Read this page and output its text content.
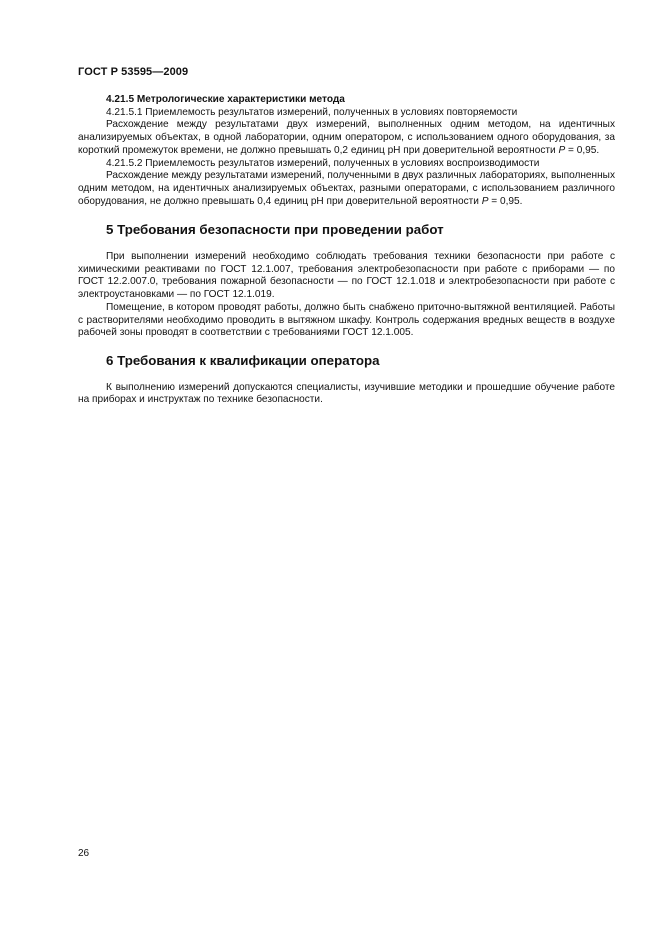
ГОСТ Р 53595—2009

4.21.5 Метрологические характеристики метода

4.21.5.1 Приемлемость результатов измерений, полученных в условиях повторяемости

Расхождение между результатами двух измерений, выполненных одним методом, на идентичных анализируемых объектах, в одной лаборатории, одним оператором, с использованием одного оборудования, за короткий промежуток времени, не должно превышать 0,2 единиц pH при доверительной вероятности P = 0,95.

4.21.5.2 Приемлемость результатов измерений, полученных в условиях воспроизводимости

Расхождение между результатами измерений, полученными в двух различных лабораториях, выполненных одним методом, на идентичных анализируемых объектах, разными операторами, с использованием различного оборудования, не должно превышать 0,4 единиц pH при доверительной вероятности P = 0,95.

5 Требования безопасности при проведении работ

При выполнении измерений необходимо соблюдать требования техники безопасности при работе с химическими реактивами по ГОСТ 12.1.007, требования электробезопасности при работе с приборами — по ГОСТ 12.2.007.0, требования пожарной безопасности — по ГОСТ 12.1.018 и электробезопасности при работе с электроустановками — по ГОСТ 12.1.019.

Помещение, в котором проводят работы, должно быть снабжено приточно-вытяжной вентиляцией. Работы с растворителями необходимо проводить в вытяжном шкафу. Контроль содержания вредных веществ в воздухе рабочей зоны проводят в соответствии с требованиями ГОСТ 12.1.005.

6 Требования к квалификации оператора

К выполнению измерений допускаются специалисты, изучившие методики и прошедшие обучение работе на приборах и инструктаж по технике безопасности.

26
